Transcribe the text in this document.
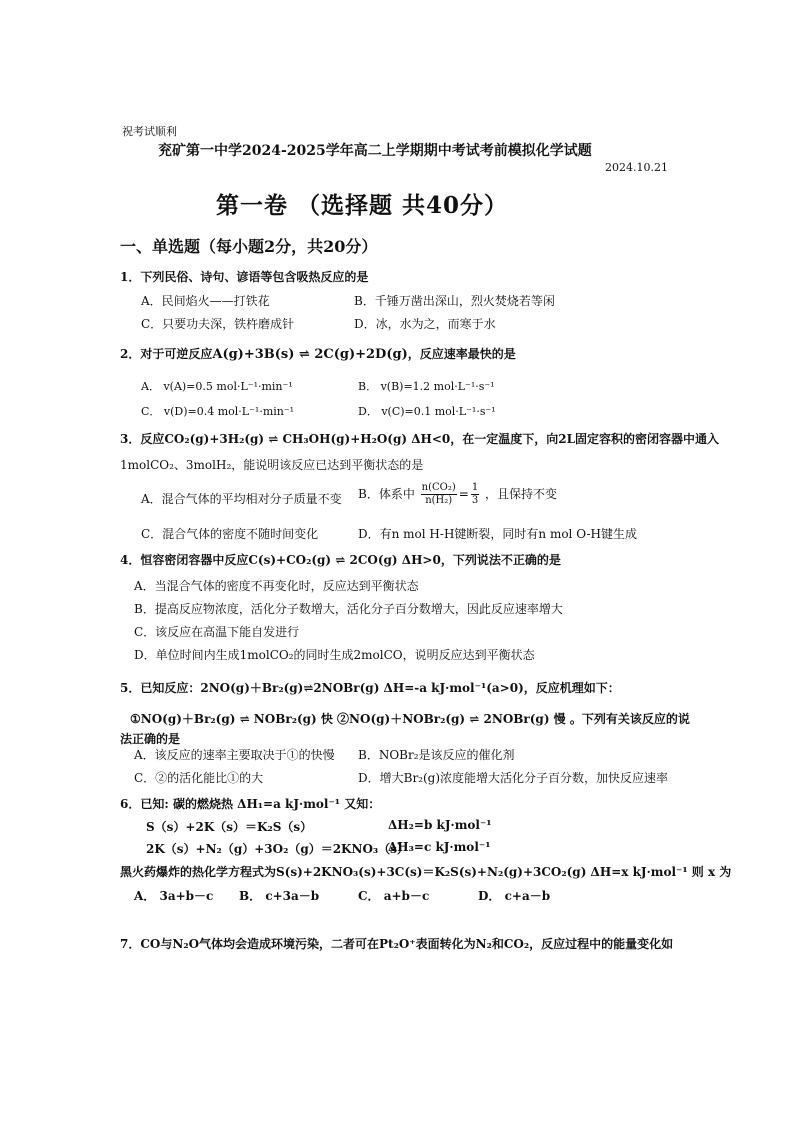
祝考试顺利
兖矿第一中学2024-2025学年高二上学期期中考试考前模拟化学试题
2024.10.21
第一卷 （选择题 共40分）
一、单选题（每小题2分，共20分）
1．下列民俗、诗句、谚语等包含吸热反应的是
A．民间焰火——打铁花	B．千锤万凿出深山，烈火焚烧若等闲
C．只要功夫深，铁杵磨成针	D．冰，水为之，而寒于水
2．对于可逆反应A(g)+3B(s) ⇌ 2C(g)+2D(g)，反应速率最快的是
A． v(A)=0.5 mol·L⁻¹·min⁻¹	B． v(B)=1.2 mol·L⁻¹·s⁻¹
C． v(D)=0.4 mol·L⁻¹·min⁻¹	D． v(C)=0.1 mol·L⁻¹·s⁻¹
3．反应CO₂(g)+3H₂(g) ⇌ CH₃OH(g)+H₂O(g) ΔH<0，在一定温度下，向2L固定容积的密闭容器中通入
1molCO₂、3molH₂，能说明该反应已达到平衡状态的是
A．混合气体的平均相对分子质量不变 B．体系中 $\frac{\text{n(CO₂)}}{\text{n(H₂)}} = \frac{1}{3}$ ，且保持不变
C．混合气体的密度不随时间变化	D．有n mol H-H键断裂，同时有n mol O-H键生成
4．恒容密闭容器中反应C(s)+CO₂(g) ⇌ 2CO(g) ΔH>0，下列说法不正确的是
A．当混合气体的密度不再变化时，反应达到平衡状态
B．提高反应物浓度，活化分子数增大，活化分子百分数增大，因此反应速率增大
C．该反应在高温下能自发进行
D．单位时间内生成1molCO₂的同时生成2molCO，说明反应达到平衡状态
5．已知反应：2NO(g)＋Br₂(g)⇌2NOBr(g) ΔH=-a kJ·mol⁻¹(a>0)，反应机理如下：
①NO(g)＋Br₂(g) ⇌ NOBr₂(g) 快 ②NO(g)＋NOBr₂(g) ⇌ 2NOBr(g) 慢 。下列有关该反应的说
法正确的是
A．该反应的速率主要取决于①的快慢 B．NOBr₂是该反应的催化剂
C．②的活化能比①的大	D．增大Br₂(g)浓度能增大活化分子百分数，加快反应速率
6．已知: 碳的燃烧热 ΔH₁=a kJ·mol⁻¹ 又知：
S（s）+2K（s）＝K₂S（s）	ΔH₂=b kJ·mol⁻¹
2K（s）+N₂（g）+3O₂（g）＝2KNO₃（s）
ΔH₃=c kJ·mol⁻¹
黑火药爆炸的热化学方程式为S(s)+2KNO₃(s)+3C(s)＝K₂S(s)+N₂(g)+3CO₂(g) ΔH=x kJ·mol⁻¹ 则 x 为
A． 3a+b－c B． c+3a－b	C． a+b－c	D． c+a－b
7．CO与N₂O气体均会造成环境污染，二者可在Pt₂O⁺表面转化为N₂和CO₂，反应过程中的能量变化如
